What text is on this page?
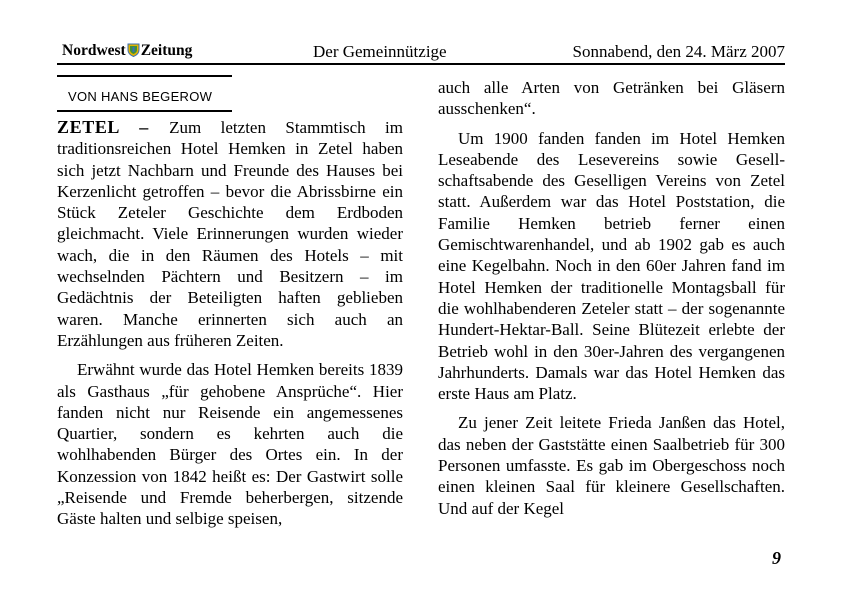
Nordwest Zeitung	Der Gemeinnützige	Sonnabend, den 24. März 2007
VON HANS BEGEROW

ZETEL – Zum letzten Stammtisch im traditionsreichen Hotel Hemken in Zetel haben sich jetzt Nachbarn und Freunde des Hauses bei Kerzenlicht getroffen – bevor die Abrissbirne ein Stück Zeteler Geschichte dem Erdboden gleichmacht. Viele Erinnerungen wurden wieder wach, die in den Räumen des Hotels – mit wechselnden Pächtern und Besitzern – im Gedächtnis der Beteiligten haften geblieben waren. Manche erinnerten sich auch an Erzählungen aus früheren Zeiten.

Erwähnt wurde das Hotel Hemken bereits 1839 als Gasthaus „für gehobene Ansprüche“. Hier fanden nicht nur Reisende ein angemessenes Quartier, sondern es kehrten auch die wohlhabenden Bürger des Ortes ein. In der Konzession von 1842 heißt es: Der Gastwirt solle „Reisende und Fremde beherbergen, sitzende Gäste halten und selbige speisen,

auch alle Arten von Getränken bei Gläsern ausschenken“.

Um 1900 fanden fanden im Hotel Hemken Leseabende des Lesevereins sowie Gesellschaftsabende des Geselligen Vereins von Zetel statt. Außerdem war das Hotel Poststation, die Familie Hemken betrieb ferner einen Gemischtwarenhandel, und ab 1902 gab es auch eine Kegelbahn. Noch in den 60er Jahren fand im Hotel Hemken der traditionelle Montagsball für die wohlhabenderen Zeteler statt – der sogenannte Hundert-Hektar-Ball. Seine Blütezeit erlebte der Betrieb wohl in den 30er-Jahren des vergangenen Jahrhunderts. Damals war das Hotel Hemken das erste Haus am Platz.

Zu jener Zeit leitete Frieda Janßen das Hotel, das neben der Gaststätte einen Saalbetrieb für 300 Personen umfasste. Es gab im Obergeschoss noch einen kleinen Saal für kleinere Gesellschaften. Und auf der Kegel

9
